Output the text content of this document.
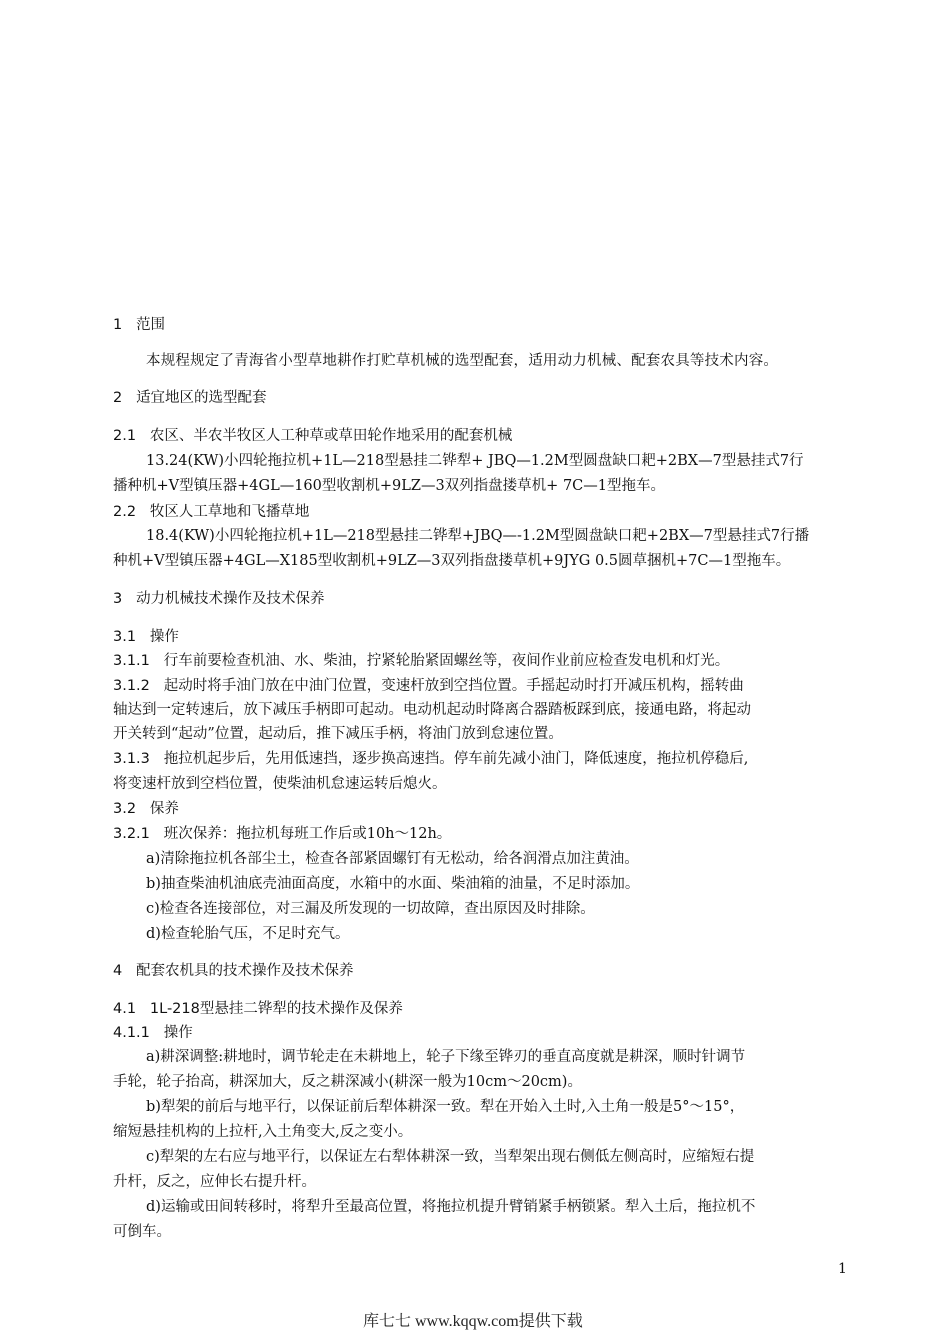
1 范围
本规程规定了青海省小型草地耕作打贮草机械的选型配套，适用动力机械、配套农具等技术内容。
2 适宜地区的选型配套
2.1 农区、半农半牧区人工种草或草田轮作地采用的配套机械
13.24(KW)小四轮拖拉机+1L—218型悬挂二铧犁+ JBQ—1.2M型圆盘缺口耙+2BX—7型悬挂式7行
播种机+V型镇压器+4GL—160型收割机+9LZ—3双列指盘搂草机+ 7C—1型拖车。
2.2 牧区人工草地和飞播草地
18.4(KW)小四轮拖拉机+1L—218型悬挂二铧犁+JBQ—-1.2M型圆盘缺口耙+2BX—7型悬挂式7行播
种机+V型镇压器+4GL—X185型收割机+9LZ—3双列指盘搂草机+9JYG 0.5圆草捆机+7C—1型拖车。
3 动力机械技术操作及技术保养
3.1 操作
3.1.1 行车前要检查机油、水、柴油，拧紧轮胎紧固螺丝等，夜间作业前应检查发电机和灯光。
3.1.2 起动时将手油门放在中油门位置，变速杆放到空挡位置。手摇起动时打开减压机构，摇转曲
轴达到一定转速后，放下减压手柄即可起动。电动机起动时降离合器踏板踩到底，接通电路，将起动
开关转到“起动”位置，起动后，推下减压手柄，将油门放到怠速位置。
3.1.3 拖拉机起步后，先用低速挡，逐步换高速挡。停车前先减小油门，降低速度，拖拉机停稳后,
将变速杆放到空档位置，使柴油机怠速运转后熄火。
3.2 保养
3.2.1 班次保养：拖拉机每班工作后或10h～12h。
a)清除拖拉机各部尘土，检查各部紧固螺钉有无松动，给各润滑点加注黄油。
b)抽查柴油机油底壳油面高度，水箱中的水面、柴油箱的油量，不足时添加。
c)检查各连接部位，对三漏及所发现的一切故障，查出原因及时排除。
d)检查轮胎气压，不足时充气。
4 配套农机具的技术操作及技术保养
4.1 1L-218型悬挂二铧犁的技术操作及保养
4.1.1 操作
a)耕深调整:耕地时，调节轮走在未耕地上，轮子下缘至铧刃的垂直高度就是耕深，顺时针调节
手轮，轮子抬高，耕深加大，反之耕深减小(耕深一般为10cm～20cm)。
b)犁架的前后与地平行，以保证前后犁体耕深一致。犁在开始入土时,入土角一般是5°～15°，
缩短悬挂机构的上拉杆,入土角变大,反之变小。
c)犁架的左右应与地平行，以保证左右犁体耕深一致，当犁架出现右侧低左侧高时，应缩短右提
升杆，反之，应伸长右提升杆。
d)运输或田间转移时，将犁升至最高位置，将拖拉机提升臂销紧手柄锁紧。犁入土后，拖拉机不
可倒车。
1
库七七 www.kqqw.com提供下载
